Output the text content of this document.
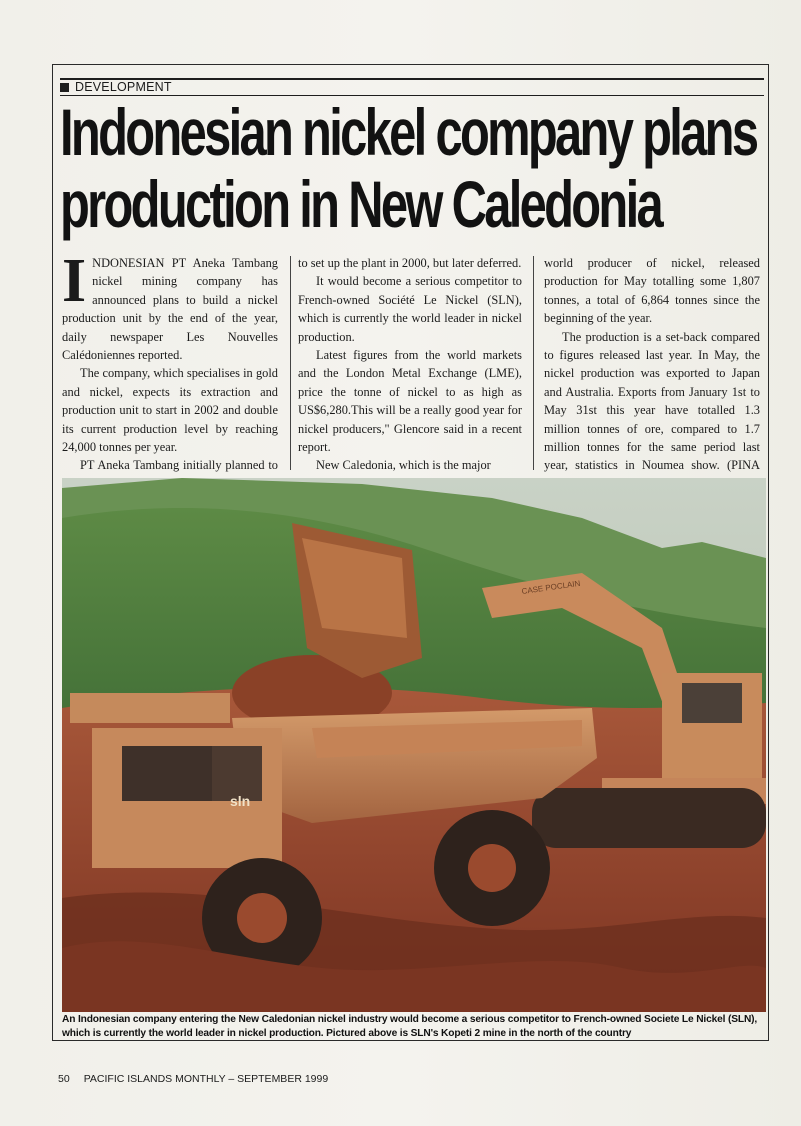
DEVELOPMENT
Indonesian nickel company plans
production in New Caledonia
I NDONESIAN PT Aneka Tambang nickel mining company has announced plans to build a nickel production unit by the end of the year, daily newspaper Les Nouvelles Calédoniennes reported.

The company, which specialises in gold and nickel, expects its extraction and production unit to start in 2002 and double its current production level by reaching 24,000 tonnes per year.

PT Aneka Tambang initially planned to

to set up the plant in 2000, but later deferred.

It would become a serious competitor to French-owned Société Le Nickel (SLN), which is currently the world leader in nickel production.

Latest figures from the world markets and the London Metal Exchange (LME), price the tonne of nickel to as high as US$6,280.This will be a really good year for nickel producers," Glencore said in a recent report.

New Caledonia, which is the major

world producer of nickel, released production for May totalling some 1,807 tonnes, a total of 6,864 tonnes since the beginning of the year.

The production is a set-back compared to figures released last year. In May, the nickel production was exported to Japan and Australia. Exports from January 1st to May 31st this year have totalled 1.3 million tonnes of ore, compared to 1.7 million tonnes for the same period last year, statistics in Noumea show. (PINA

CASE POCLAIN
sln
An Indonesian company entering the New Caledonian nickel industry would become a serious competitor to French-owned Societe Le Nickel (SLN), which is currently the world leader in nickel production. Pictured above is SLN's Kopeti 2 mine in the north of the country
50 PACIFIC ISLANDS MONTHLY – SEPTEMBER 1999
